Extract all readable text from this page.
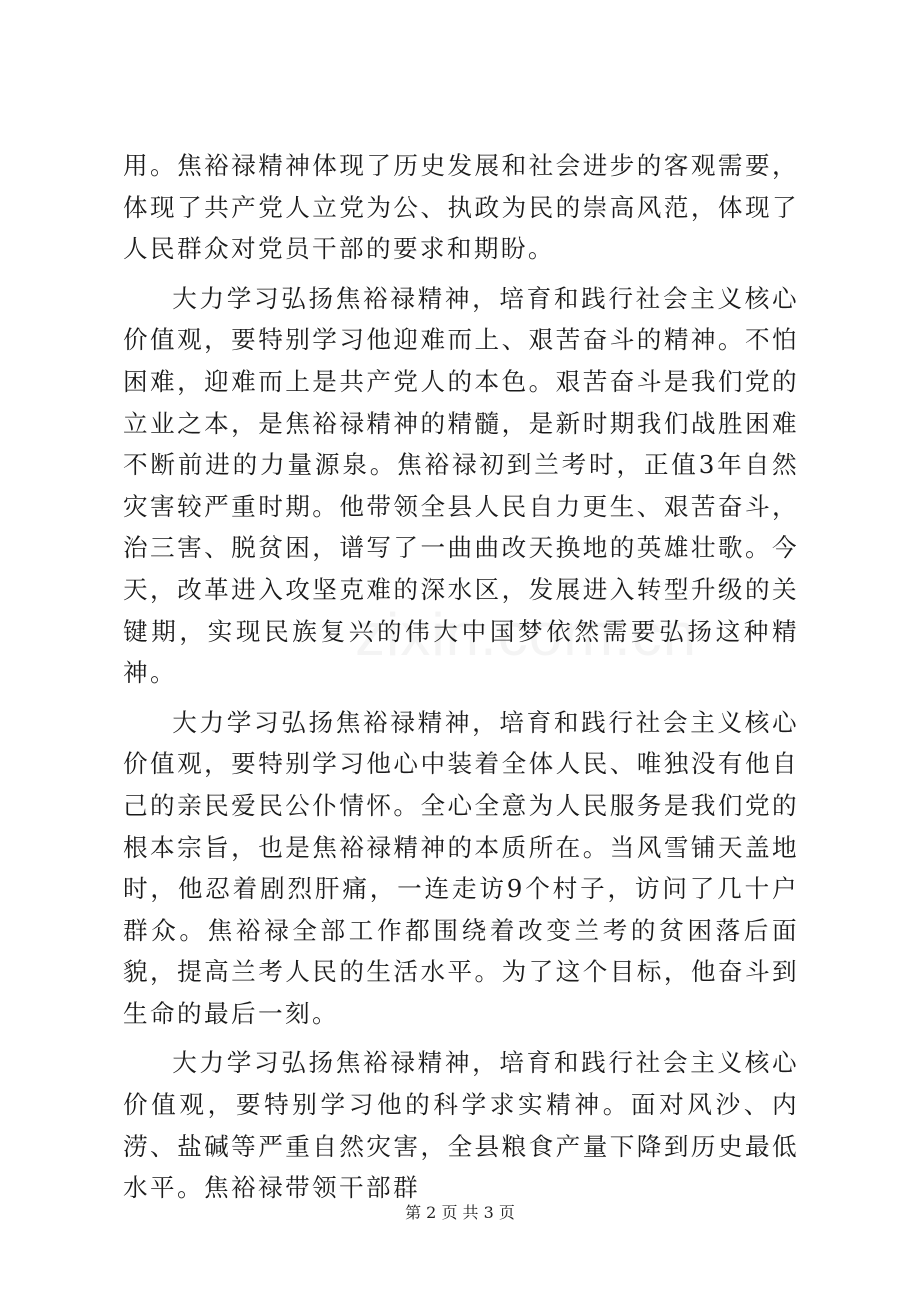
用。焦裕禄精神体现了历史发展和社会进步的客观需要，体现了共产党人立党为公、执政为民的崇高风范，体现了人民群众对党员干部的要求和期盼。

大力学习弘扬焦裕禄精神，培育和践行社会主义核心价值观，要特别学习他迎难而上、艰苦奋斗的精神。不怕困难，迎难而上是共产党人的本色。艰苦奋斗是我们党的立业之本，是焦裕禄精神的精髓，是新时期我们战胜困难不断前进的力量源泉。焦裕禄初到兰考时，正值3年自然灾害较严重时期。他带领全县人民自力更生、艰苦奋斗，治三害、脱贫困，谱写了一曲曲改天换地的英雄壮歌。今天，改革进入攻坚克难的深水区，发展进入转型升级的关键期，实现民族复兴的伟大中国梦依然需要弘扬这种精神。

大力学习弘扬焦裕禄精神，培育和践行社会主义核心价值观，要特别学习他心中装着全体人民、唯独没有他自己的亲民爱民公仆情怀。全心全意为人民服务是我们党的根本宗旨，也是焦裕禄精神的本质所在。当风雪铺天盖地时，他忍着剧烈肝痛，一连走访9个村子，访问了几十户群众。焦裕禄全部工作都围绕着改变兰考的贫困落后面貌，提高兰考人民的生活水平。为了这个目标，他奋斗到生命的最后一刻。

大力学习弘扬焦裕禄精神，培育和践行社会主义核心价值观，要特别学习他的科学求实精神。面对风沙、内涝、盐碱等严重自然灾害，全县粮食产量下降到历史最低水平。焦裕禄带领干部群

第 2 页 共 3 页
